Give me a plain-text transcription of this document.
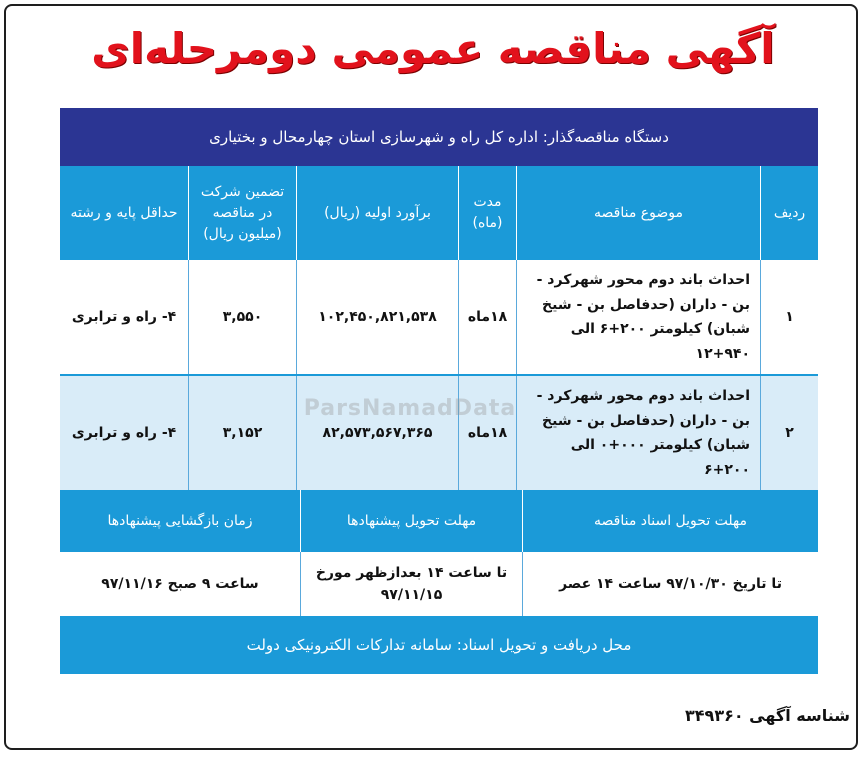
آگهی مناقصه عمومی دومرحله‌ای
دستگاه مناقصه‌گذار: اداره کل راه و شهرسازی استان چهارمحال و بختیاری
ردیف
موضوع مناقصه
مدت (ماه)
برآورد اولیه (ریال)
تضمین شرکت در مناقصه (میلیون ریال)
حداقل پایه و رشته
۱
احداث باند دوم محور شهرکرد - بن - داران (حدفاصل بن - شیخ شبان) کیلومتر ۲۰۰+۶ الی ۹۴۰+۱۲
۱۸ماه
۱۰۲,۴۵۰,۸۲۱,۵۳۸
۳,۵۵۰
۴- راه و ترابری
۲
احداث باند دوم محور شهرکرد - بن - داران (حدفاصل بن - شیخ شبان) کیلومتر ۰۰۰+۰ الی ۲۰۰+۶
۱۸ماه
۸۲,۵۷۳,۵۶۷,۳۶۵
۳,۱۵۲
۴- راه و ترابری
مهلت تحویل اسناد مناقصه
مهلت تحویل پیشنهادها
زمان بازگشایی پیشنهادها
تا تاریخ ۹۷/۱۰/۳۰ ساعت ۱۴ عصر
تا ساعت ۱۴ بعدازظهر مورخ ۹۷/۱۱/۱۵
ساعت ۹ صبح ۹۷/۱۱/۱۶
محل دریافت و تحویل اسناد: سامانه تدارکات الکترونیکی دولت
ParsNamadData
شناسه آگهی ۳۴۹۳۶۰
